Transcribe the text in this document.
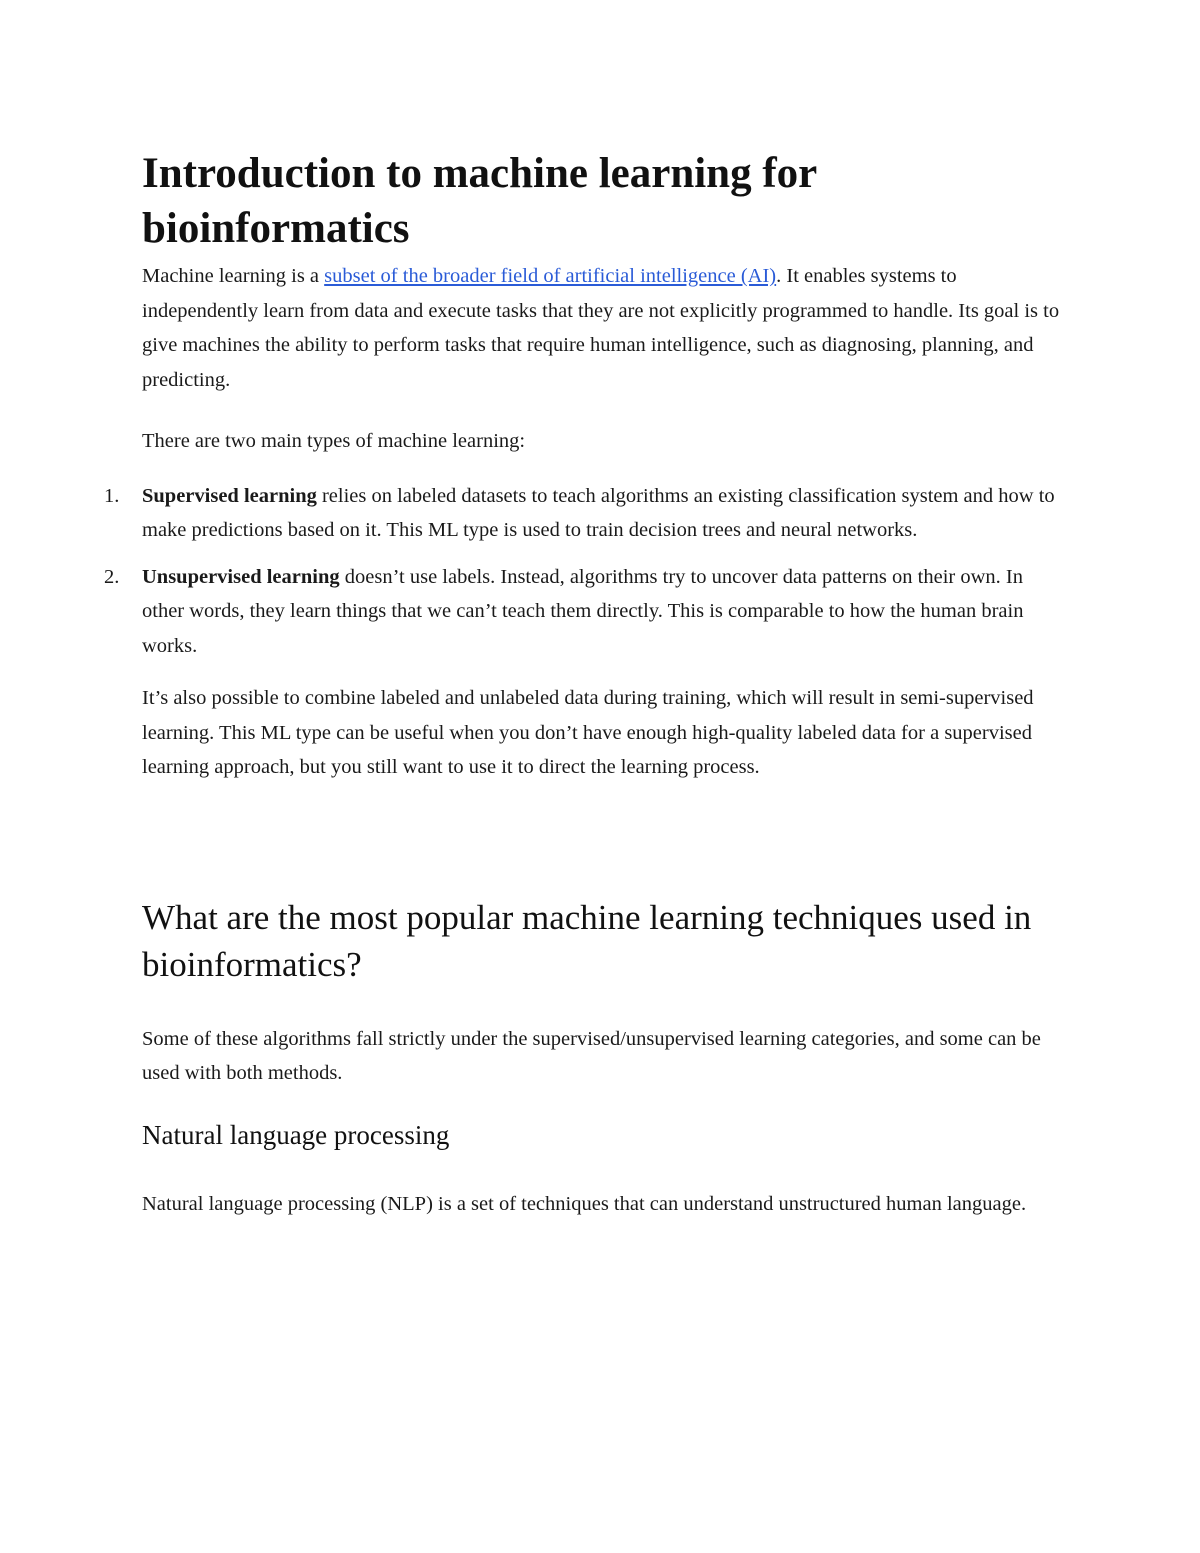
Introduction to machine learning for bioinformatics

Machine learning is a subset of the broader field of artificial intelligence (AI). It enables systems to independently learn from data and execute tasks that they are not explicitly programmed to handle. Its goal is to give machines the ability to perform tasks that require human intelligence, such as diagnosing, planning, and predicting.

There are two main types of machine learning:

1. Supervised learning relies on labeled datasets to teach algorithms an existing classification system and how to make predictions based on it. This ML type is used to train decision trees and neural networks.
2. Unsupervised learning doesn’t use labels. Instead, algorithms try to uncover data patterns on their own. In other words, they learn things that we can’t teach them directly. This is comparable to how the human brain works.

It’s also possible to combine labeled and unlabeled data during training, which will result in semi-supervised learning. This ML type can be useful when you don’t have enough high-quality labeled data for a supervised learning approach, but you still want to use it to direct the learning process.

What are the most popular machine learning techniques used in bioinformatics?

Some of these algorithms fall strictly under the supervised/unsupervised learning categories, and some can be used with both methods.

Natural language processing

Natural language processing (NLP) is a set of techniques that can understand unstructured human language.
